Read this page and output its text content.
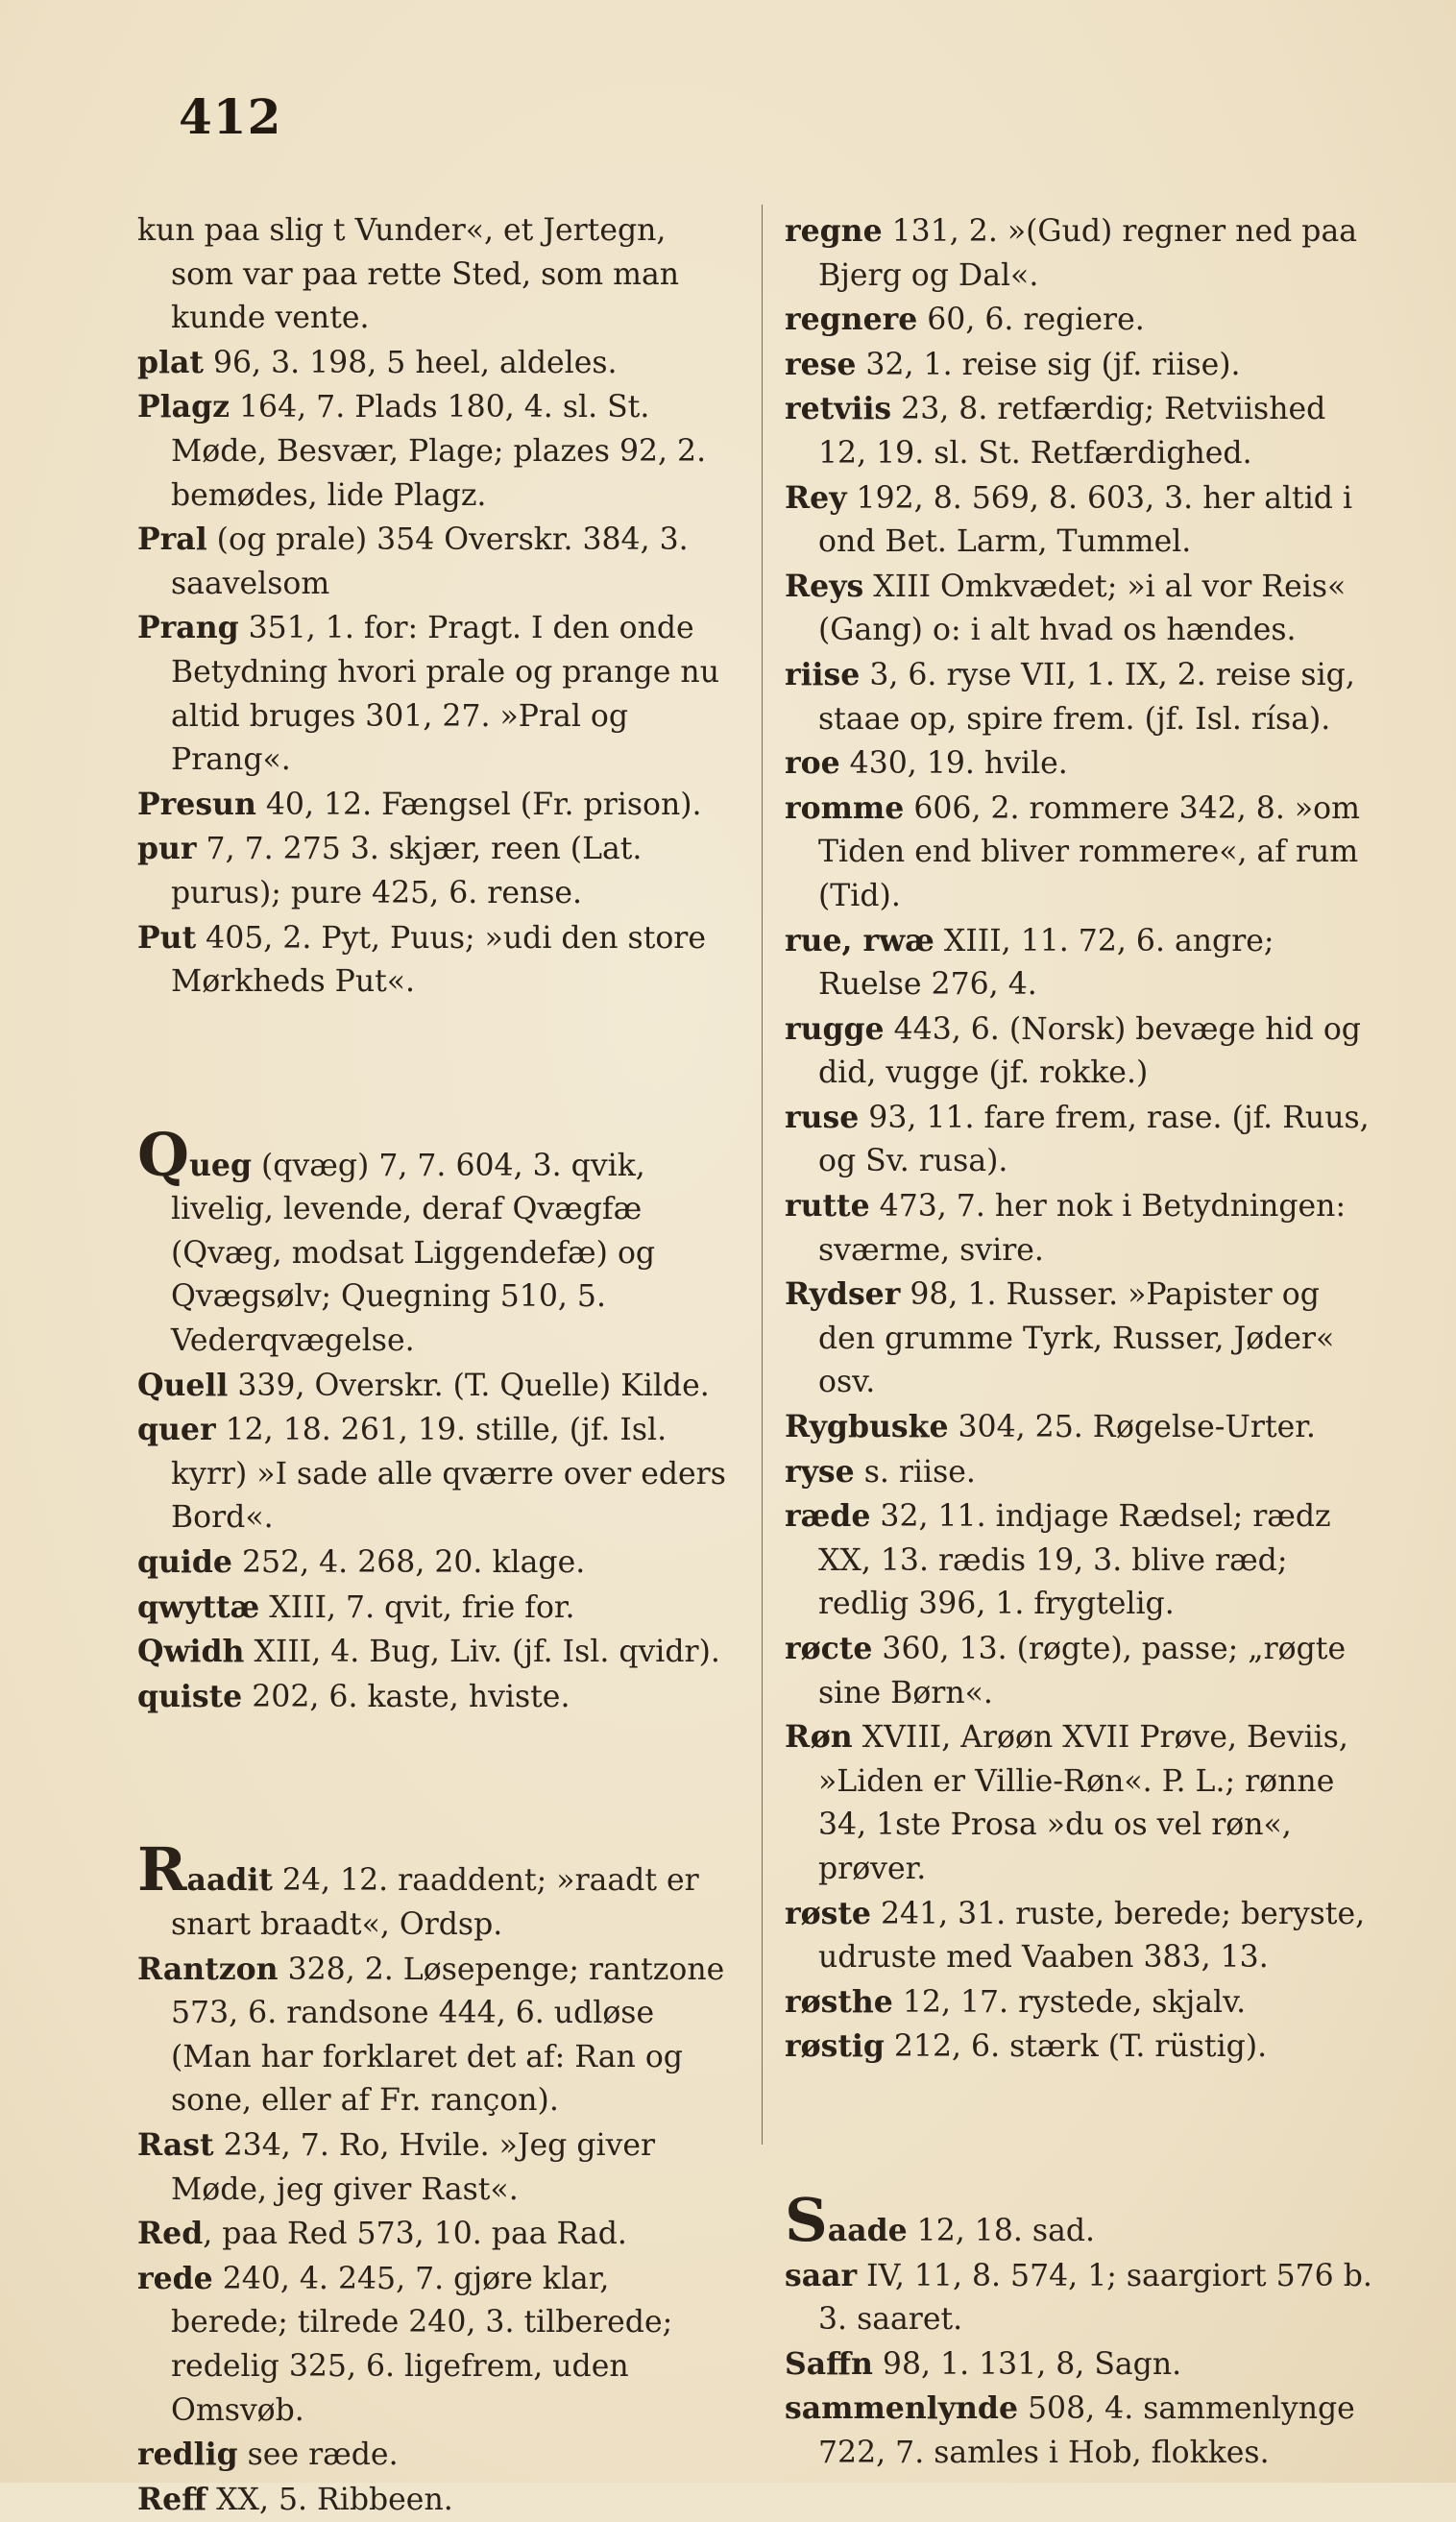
412

kun paa slig t Vunder«, et Jertegn, som var paa rette Sted, som man kunde vente.

plat 96, 3. 198, 5 heel, aldeles.

Plagz 164, 7. Plads 180, 4. sl. St. Møde, Besvær, Plage; plazes 92, 2. bemødes, lide Plagz.

Pral (og prale) 354 Overskr. 384, 3. saavelsom

Prang 351, 1. for: Pragt. I den onde Betydning hvori prale og prange nu altid bruges 301, 27. »Pral og Prang«.

Presun 40, 12. Fængsel (Fr. prison).

pur 7, 7. 275 3. skjær, reen (Lat. purus); pure 425, 6. rense.

Put 405, 2. Pyt, Puus; »udi den store Mørkheds Put«.

Queg (qvæg) 7, 7. 604, 3. qvik, livelig, levende, deraf Qvægfæ (Qvæg, modsat Liggendefæ) og Qvægsølv; Quegning 510, 5. Vederqvægelse.

Quell 339, Overskr. (T. Quelle) Kilde.

quer 12, 18. 261, 19. stille, (jf. Isl. kyrr) »I sade alle qværre over eders Bord«.

quide 252, 4. 268, 20. klage.

qwyttæ XIII, 7. qvit, frie for.

Qwidh XIII, 4. Bug, Liv. (jf. Isl. qvidr).

quiste 202, 6. kaste, hviste.

Raadit 24, 12. raaddent; »raadt er snart braadt«, Ordsp.

Rantzon 328, 2. Løsepenge; rantzone 573, 6. randsone 444, 6. udløse (Man har forklaret det af: Ran og sone, eller af Fr. rançon).

Rast 234, 7. Ro, Hvile. »Jeg giver Møde, jeg giver Rast«.

Red, paa Red 573, 10. paa Rad.

rede 240, 4. 245, 7. gjøre klar, berede; tilrede 240, 3. tilberede; redelig 325, 6. ligefrem, uden Omsvøb.

redlig see ræde.

Reff XX, 5. Ribbeen.

regne 131, 2. »(Gud) regner ned paa Bjerg og Dal«.

regnere 60, 6. regiere.

rese 32, 1. reise sig (jf. riise).

retviis 23, 8. retfærdig; Retviished 12, 19. sl. St. Retfærdighed.

Rey 192, 8. 569, 8. 603, 3. her altid i ond Bet. Larm, Tummel.

Reys XIII Omkvædet; »i al vor Reis« (Gang) o: i alt hvad os hændes.

riise 3, 6. ryse VII, 1. IX, 2. reise sig, staae op, spire frem. (jf. Isl. rísa).

roe 430, 19. hvile.

romme 606, 2. rommere 342, 8. »om Tiden end bliver rommere«, af rum (Tid).

rue, rwæ XIII, 11. 72, 6. angre; Ruelse 276, 4.

rugge 443, 6. (Norsk) bevæge hid og did, vugge (jf. rokke.)

ruse 93, 11. fare frem, rase. (jf. Ruus, og Sv. rusa).

rutte 473, 7. her nok i Betydningen: sværme, svire.

Rydser 98, 1. Russer. »Papister og den grumme Tyrk, Russer, Jøder« osv.

Rygbuske 304, 25. Røgelse-Urter.

ryse s. riise.

ræde 32, 11. indjage Rædsel; rædz XX, 13. rædis 19, 3. blive ræd; redlig 396, 1. frygtelig.

røcte 360, 13. (røgte), passe; „røgte sine Børn«.

Røn XVIII, Arøøn XVII Prøve, Beviis, »Liden er Villie-Røn«. P. L.; rønne 34, 1ste Prosa »du os vel røn«, prøver.

røste 241, 31. ruste, berede; beryste, udruste med Vaaben 383, 13.

røsthe 12, 17. rystede, skjalv.

røstig 212, 6. stærk (T. rüstig).

Saade 12, 18. sad.

saar IV, 11, 8. 574, 1; saargiort 576 b. 3. saaret.

Saffn 98, 1. 131, 8, Sagn.

sammenlynde 508, 4. sammenlynge 722, 7. samles i Hob, flokkes.
